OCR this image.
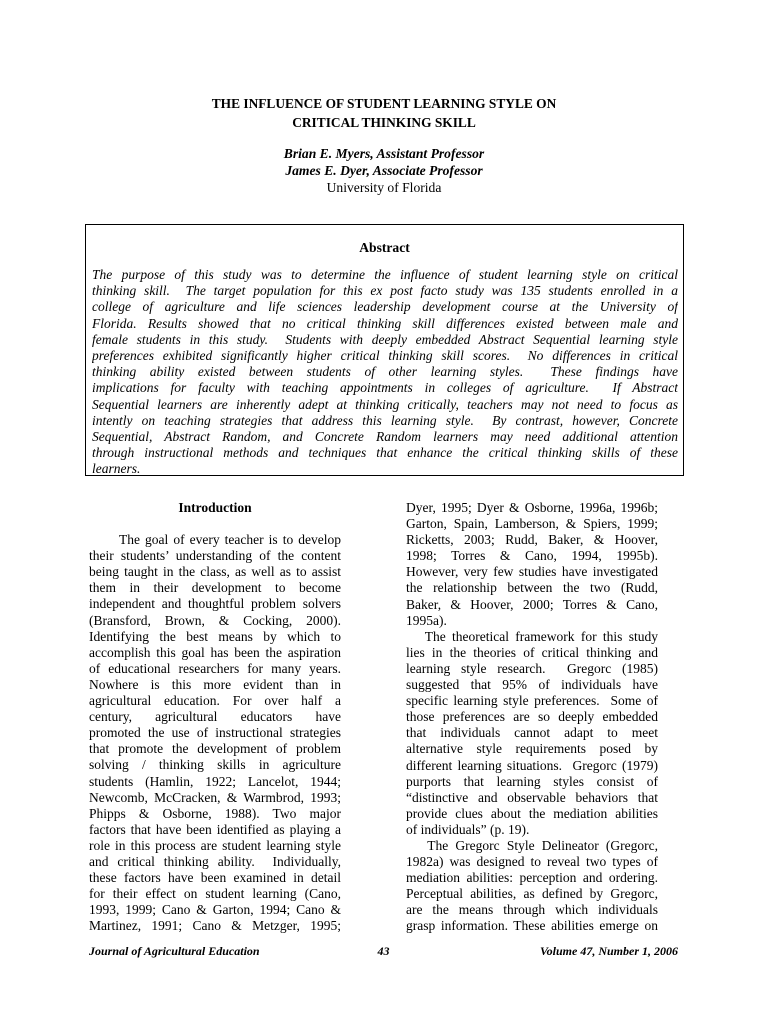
THE INFLUENCE OF STUDENT LEARNING STYLE ON
CRITICAL THINKING SKILL
Brian E. Myers, Assistant Professor
James E. Dyer, Associate Professor
University of Florida
Abstract
The purpose of this study was to determine the influence of student learning style on critical
thinking skill.  The target population for this ex post facto study was 135 students enrolled in a
college of agriculture and life sciences leadership development course at the University of
Florida. Results showed that no critical thinking skill differences existed between male and
female students in this study.  Students with deeply embedded Abstract Sequential learning style
preferences exhibited significantly higher critical thinking skill scores.  No differences in critical
thinking ability existed between students of other learning styles.  These findings have
implications for faculty with teaching appointments in colleges of agriculture.  If Abstract
Sequential learners are inherently adept at thinking critically, teachers may not need to focus as
intently on teaching strategies that address this learning style.  By contrast, however, Concrete
Sequential, Abstract Random, and Concrete Random learners may need additional attention
through instructional methods and techniques that enhance the critical thinking skills of these
learners.
Introduction
The goal of every teacher is to develop
their students’ understanding of the content
being taught in the class, as well as to assist
them in their development to become
independent and thoughtful problem solvers
(Bransford, Brown, & Cocking, 2000).
Identifying the best means by which to
accomplish this goal has been the aspiration
of educational researchers for many years.
Nowhere is this more evident than in
agricultural education. For over half a
century, agricultural educators have
promoted the use of instructional strategies
that promote the development of problem
solving / thinking skills in agriculture
students (Hamlin, 1922; Lancelot, 1944;
Newcomb, McCracken, & Warmbrod, 1993;
Phipps & Osborne, 1988). Two major
factors that have been identified as playing a
role in this process are student learning style
and critical thinking ability.  Individually,
these factors have been examined in detail
for their effect on student learning (Cano,
1993, 1999; Cano & Garton, 1994; Cano &
Martinez, 1991; Cano & Metzger, 1995;
Dyer, 1995; Dyer & Osborne, 1996a, 1996b;
Garton, Spain, Lamberson, & Spiers, 1999;
Ricketts, 2003; Rudd, Baker, & Hoover,
1998; Torres & Cano, 1994, 1995b).
However, very few studies have investigated
the relationship between the two (Rudd,
Baker, & Hoover, 2000; Torres & Cano,
1995a).
The theoretical framework for this study
lies in the theories of critical thinking and
learning style research.  Gregorc (1985)
suggested that 95% of individuals have
specific learning style preferences.  Some of
those preferences are so deeply embedded
that individuals cannot adapt to meet
alternative style requirements posed by
different learning situations.  Gregorc (1979)
purports that learning styles consist of
“distinctive and observable behaviors that
provide clues about the mediation abilities
of individuals” (p. 19).
The Gregorc Style Delineator (Gregorc,
1982a) was designed to reveal two types of
mediation abilities: perception and ordering.
Perceptual abilities, as defined by Gregorc,
are the means through which individuals
grasp information. These abilities emerge on
Journal of Agricultural Education	43	Volume 47, Number 1, 2006
